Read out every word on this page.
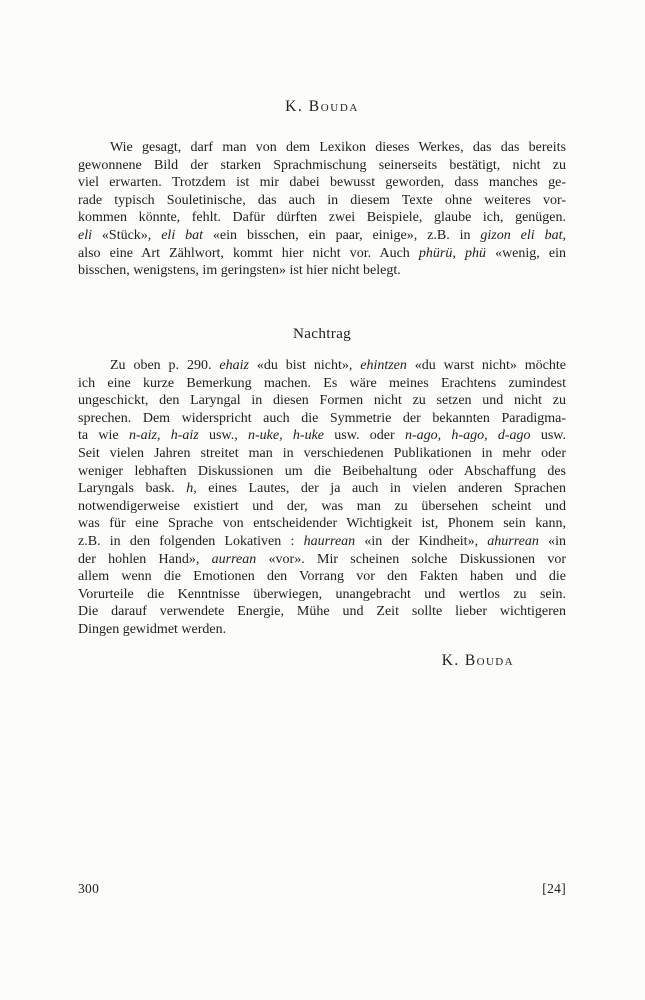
K. Bouda
Wie gesagt, darf man von dem Lexikon dieses Werkes, das das bereits
gewonnene Bild der starken Sprachmischung seinerseits bestätigt, nicht zu
viel erwarten. Trotzdem ist mir dabei bewusst geworden, dass manches ge-
rade typisch Souletinische, das auch in diesem Texte ohne weiteres vor-
kommen könnte, fehlt. Dafür dürften zwei Beispiele, glaube ich, genügen.
eli «Stück», eli bat «ein bisschen, ein paar, einige», z.B. in gizon eli bat,
also eine Art Zählwort, kommt hier nicht vor. Auch phürü, phü «wenig, ein
bisschen, wenigstens, im geringsten» ist hier nicht belegt.
Nachtrag
Zu oben p. 290. ehaiz «du bist nicht», ehintzen «du warst nicht» möchte
ich eine kurze Bemerkung machen. Es wäre meines Erachtens zumindest
ungeschickt, den Laryngal in diesen Formen nicht zu setzen und nicht zu
sprechen. Dem widerspricht auch die Symmetrie der bekannten Paradigma-
ta wie n-aiz, h-aiz usw., n-uke, h-uke usw. oder n-ago, h-ago, d-ago usw.
Seit vielen Jahren streitet man in verschiedenen Publikationen in mehr oder
weniger lebhaften Diskussionen um die Beibehaltung oder Abschaffung des
Laryngals bask. h, eines Lautes, der ja auch in vielen anderen Sprachen
notwendigerweise existiert und der, was man zu übersehen scheint und
was für eine Sprache von entscheidender Wichtigkeit ist, Phonem sein kann,
z.B. in den folgenden Lokativen : haurrean «in der Kindheit», ahurrean «in
der hohlen Hand», aurrean «vor». Mir scheinen solche Diskussionen vor
allem wenn die Emotionen den Vorrang vor den Fakten haben und die
Vorurteile die Kenntnisse überwiegen, unangebracht und wertlos zu sein.
Die darauf verwendete Energie, Mühe und Zeit sollte lieber wichtigeren
Dingen gewidmet werden.
K. Bouda
300	[24]
